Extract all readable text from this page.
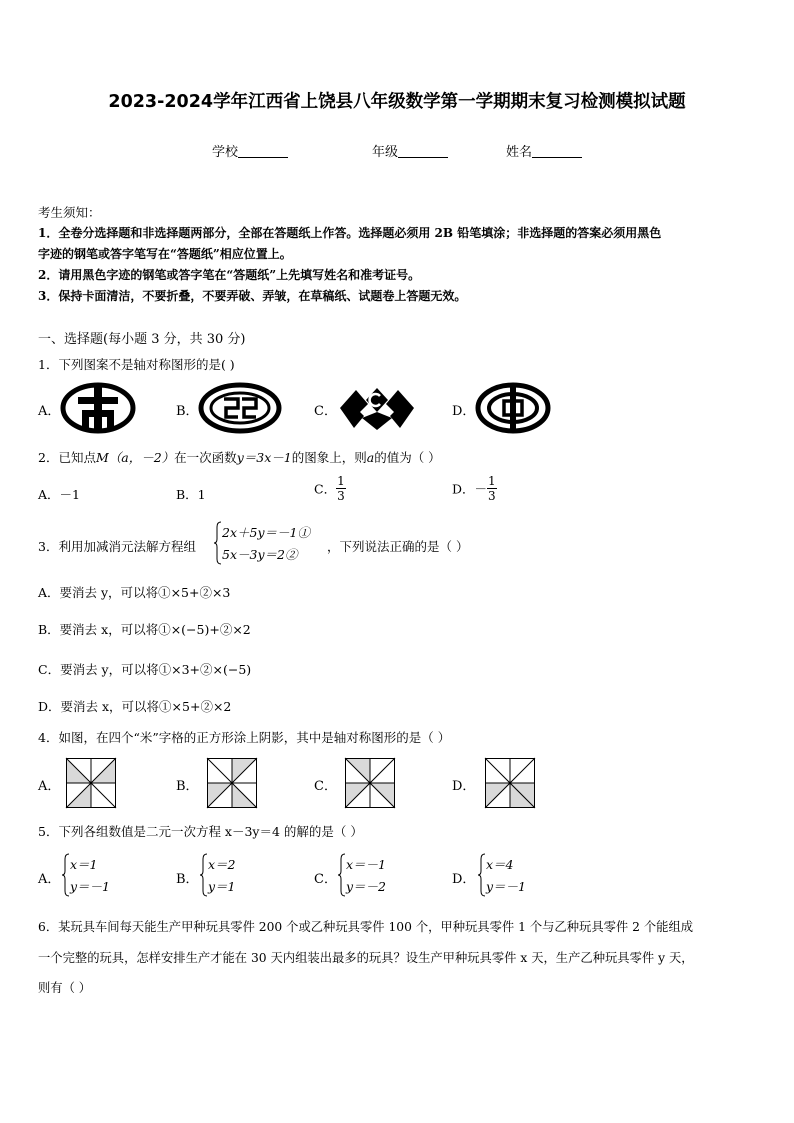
2023-2024学年江西省上饶县八年级数学第一学期期末复习检测模拟试题
学校	年级	姓名
考生须知：
1．全卷分选择题和非选择题两部分，全部在答题纸上作答。选择题必须用 2B 铅笔填涂；非选择题的答案必须用黑色
字迹的钢笔或答字笔写在“答题纸”相应位置上。
2．请用黑色字迹的钢笔或答字笔在“答题纸”上先填写姓名和准考证号。
3．保持卡面清洁，不要折叠，不要弄破、弄皱，在草稿纸、试题卷上答题无效。
一、选择题(每小题 3 分，共 30 分)
1．下列图案不是轴对称图形的是( )
A．	B．	C．	D．
2．已知点M（a，－2）在一次函数y＝3x－1的图象上，则a的值为（ ）
A．－1	B．1	C． $\frac{1}{3}$	D．－ $\frac{1}{3}$
3．利用加减消元法解方程组
2x＋5y＝－1①
5x－3y＝2②
，下列说法正确的是（ ）
A．要消去 y，可以将①×5+②×3
B．要消去 x，可以将①×(−5)+②×2
C．要消去 y，可以将①×3+②×(−5)
D．要消去 x，可以将①×5+②×2
4．如图，在四个“米”字格的正方形涂上阴影，其中是轴对称图形的是（ ）
A．	B．	C．	D．
5．下列各组数值是二元一次方程 x－3y＝4 的解的是（ ）
A．
x＝1
y＝－1	B．
x＝2
y＝1	C．
x＝－1
y＝－2	D．
x＝4
y＝－1
6．某玩具车间每天能生产甲种玩具零件 200 个或乙种玩具零件 100 个，甲种玩具零件 1 个与乙种玩具零件 2 个能组成
一个完整的玩具，怎样安排生产才能在 30 天内组装出最多的玩具？设生产甲种玩具零件 x 天，生产乙种玩具零件 y 天，
则有（ ）
